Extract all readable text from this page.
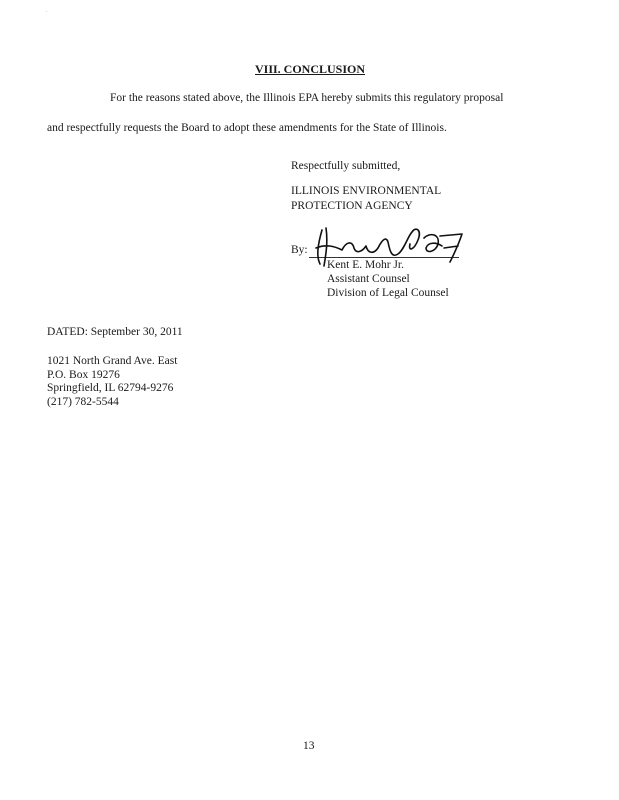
.
VIII. CONCLUSION
For the reasons stated above, the Illinois EPA hereby submits this regulatory proposal
and respectfully requests the Board to adopt these amendments for the State of Illinois.
Respectfully submitted,
ILLINOIS ENVIRONMENTAL
PROTECTION AGENCY
By:
Kent E. Mohr Jr.
Assistant Counsel
Division of Legal Counsel
DATED: September 30, 2011
1021 North Grand Ave. East
P.O. Box 19276
Springfield, IL 62794-9276
(217) 782-5544
13
